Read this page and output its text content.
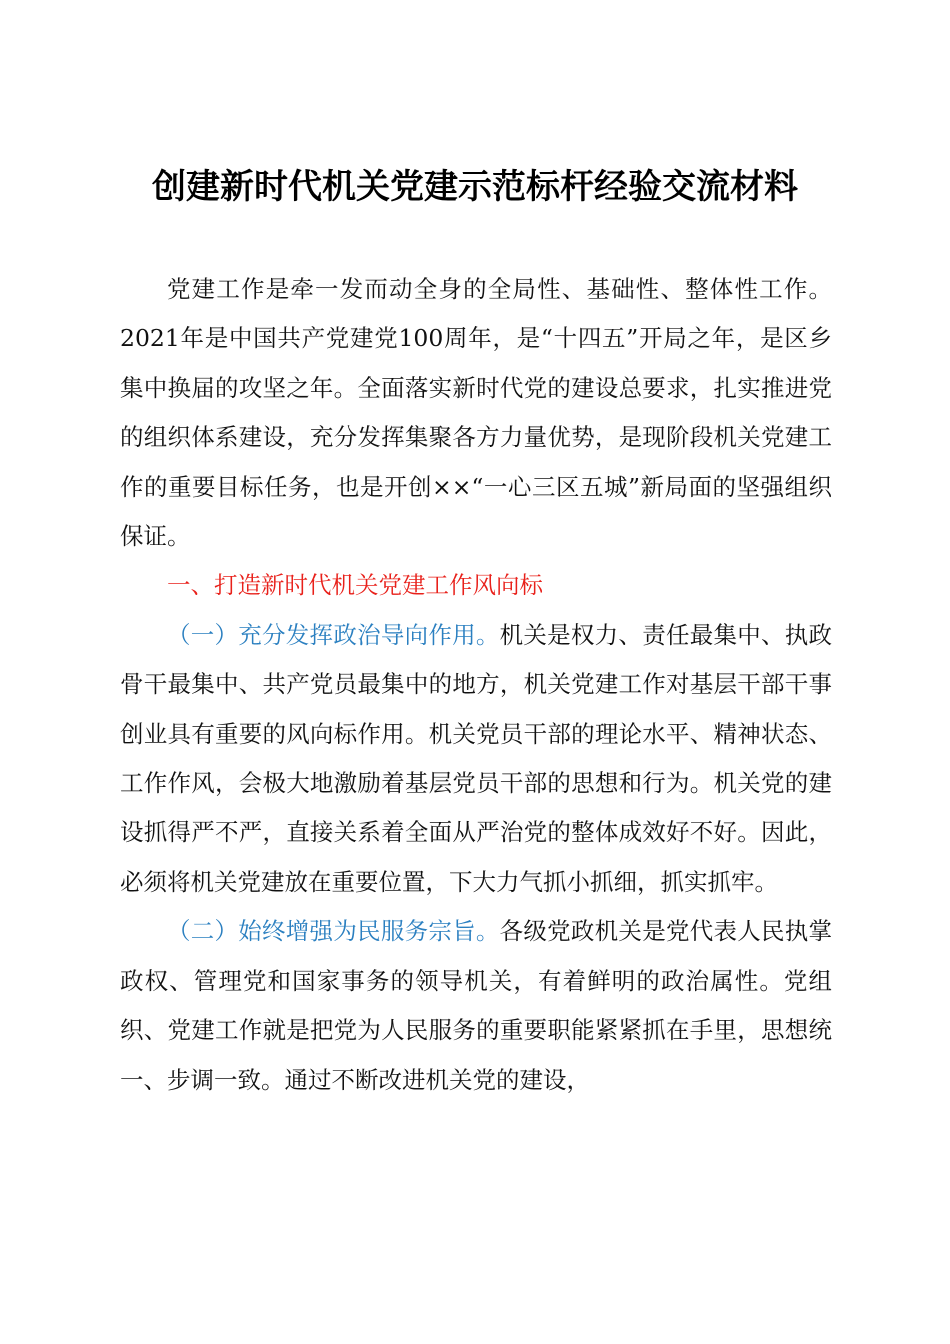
创建新时代机关党建示范标杆经验交流材料

党建工作是牵一发而动全身的全局性、基础性、整体性工作。2021年是中国共产党建党100周年，是“十四五”开局之年，是区乡集中换届的攻坚之年。全面落实新时代党的建设总要求，扎实推进党的组织体系建设，充分发挥集聚各方力量优势，是现阶段机关党建工作的重要目标任务，也是开创××“一心三区五城”新局面的坚强组织保证。

一、打造新时代机关党建工作风向标

（一）充分发挥政治导向作用。机关是权力、责任最集中、执政骨干最集中、共产党员最集中的地方，机关党建工作对基层干部干事创业具有重要的风向标作用。机关党员干部的理论水平、精神状态、工作作风，会极大地激励着基层党员干部的思想和行为。机关党的建设抓得严不严，直接关系着全面从严治党的整体成效好不好。因此，必须将机关党建放在重要位置，下大力气抓小抓细，抓实抓牢。

（二）始终增强为民服务宗旨。各级党政机关是党代表人民执掌政权、管理党和国家事务的领导机关，有着鲜明的政治属性。党组织、党建工作就是把党为人民服务的重要职能紧紧抓在手里，思想统一、步调一致。通过不断改进机关党的建设，
